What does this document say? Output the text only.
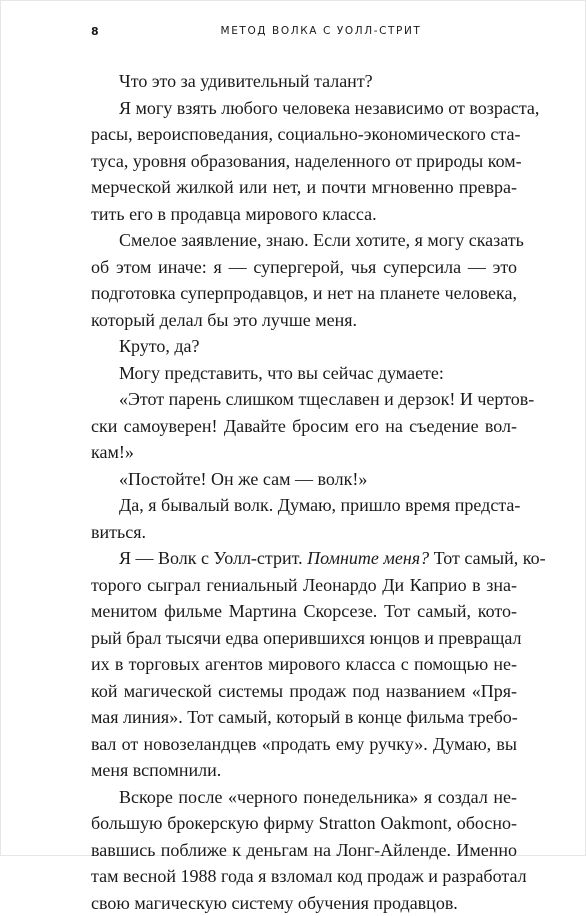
8	МЕТОД ВОЛКА С УОЛЛ-СТРИТ
Что это за удивительный талант?
Я могу взять любого человека независимо от возраста,
расы, вероисповедания, социально-экономического ста-
туса, уровня образования, наделенного от природы ком-
мерческой жилкой или нет, и почти мгновенно превра-
тить его в продавца мирового класса.
Смелое заявление, знаю. Если хотите, я могу сказать
об этом иначе: я — супергерой, чья суперсила — это
подготовка суперпродавцов, и нет на планете человека,
который делал бы это лучше меня.
Круто, да?
Могу представить, что вы сейчас думаете:
«Этот парень слишком тщеславен и дерзок! И чертов-
ски самоуверен! Давайте бросим его на съедение вол-
кам!»
«Постойте! Он же сам — волк!»
Да, я бывалый волк. Думаю, пришло время предста-
виться.
Я — Волк с Уолл-стрит. Помните меня? Тот самый, ко-
торого сыграл гениальный Леонардо Ди Каприо в зна-
менитом фильме Мартина Скорсезе. Тот самый, кото-
рый брал тысячи едва оперившихся юнцов и превращал
их в торговых агентов мирового класса с помощью не-
кой магической системы продаж под названием «Пря-
мая линия». Тот самый, который в конце фильма требо-
вал от новозеландцев «продать ему ручку». Думаю, вы
меня вспомнили.
Вскоре после «черного понедельника» я создал не-
большую брокерскую фирму Stratton Oakmont, обосно-
вавшись поближе к деньгам на Лонг-Айленде. Именно
там весной 1988 года я взломал код продаж и разработал
свою магическую систему обучения продавцов.
